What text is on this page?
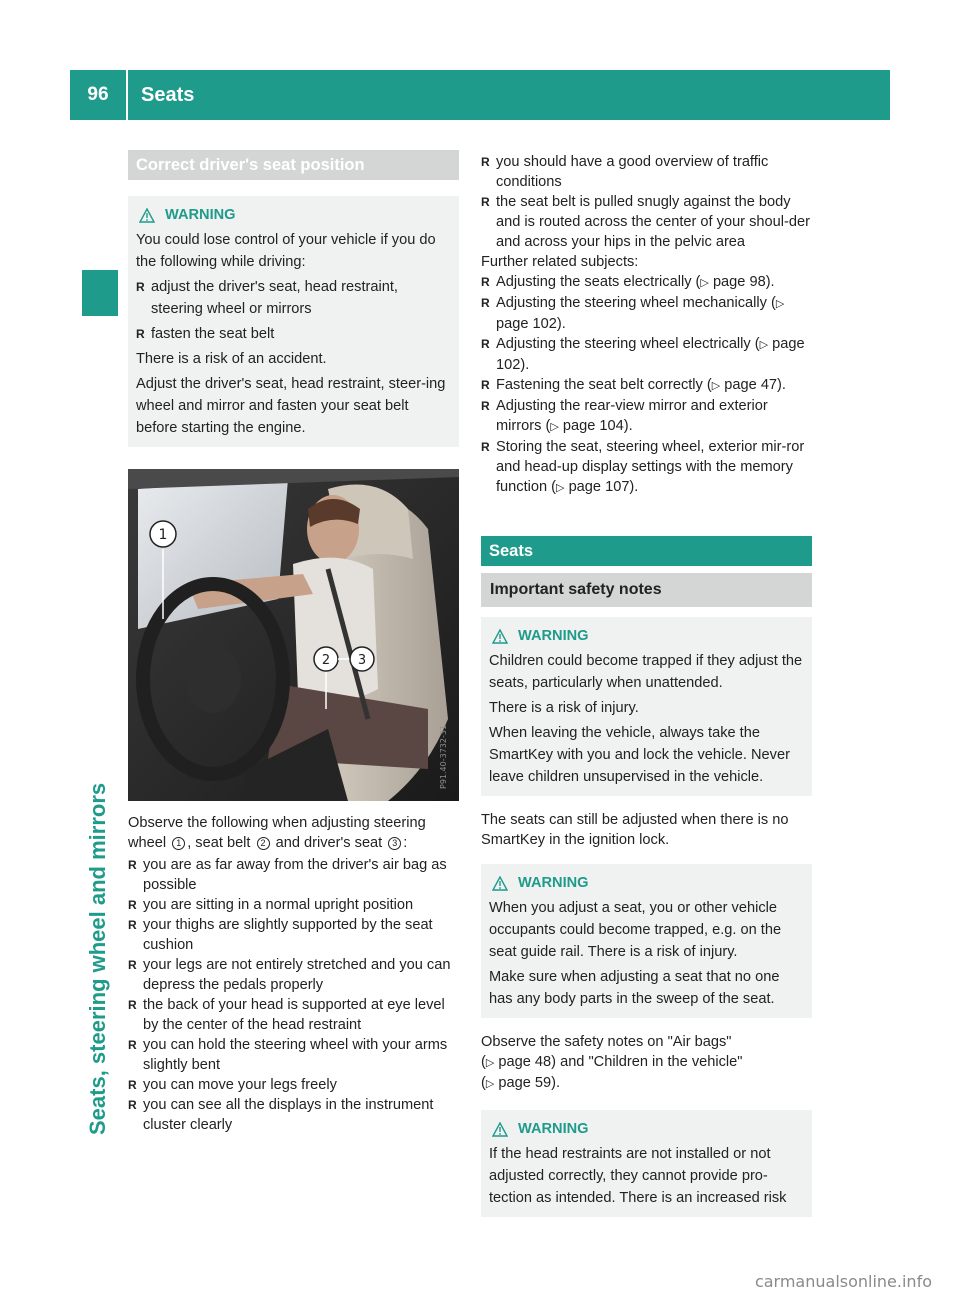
96	Seats
Seats, steering wheel and mirrors
Correct driver's seat position
WARNING

You could lose control of your vehicle if you do the following while driving:

R adjust the driver's seat, head restraint, steering wheel or mirrors
R fasten the seat belt

There is a risk of an accident.

Adjust the driver's seat, head restraint, steer-ing wheel and mirror and fasten your seat belt before starting the engine.

1
2 3
P91.40-3732-31

Observe the following when adjusting steering wheel 1 , seat belt 2 and driver's seat 3 :

R you are as far away from the driver's air bag as possible
R you are sitting in a normal upright position
R your thighs are slightly supported by the seat cushion
R your legs are not entirely stretched and you can depress the pedals properly
R the back of your head is supported at eye level by the center of the head restraint
R you can hold the steering wheel with your arms slightly bent
R you can move your legs freely
R you can see all the displays in the instrument cluster clearly
R you should have a good overview of traffic conditions
R the seat belt is pulled snugly against the body and is routed across the center of your shoul-der and across your hips in the pelvic area

Further related subjects:

R Adjusting the seats electrically (▷ page 98).
R Adjusting the steering wheel mechanically (▷ page 102).
R Adjusting the steering wheel electrically (▷ page 102).
R Fastening the seat belt correctly (▷ page 47).
R Adjusting the rear-view mirror and exterior mirrors (▷ page 104).
R Storing the seat, steering wheel, exterior mir-ror and head-up display settings with the memory function (▷ page 107).
Seats
Important safety notes
WARNING

Children could become trapped if they adjust the seats, particularly when unattended.

There is a risk of injury.

When leaving the vehicle, always take the SmartKey with you and lock the vehicle. Never leave children unsupervised in the vehicle.

The seats can still be adjusted when there is no SmartKey in the ignition lock.

WARNING

When you adjust a seat, you or other vehicle occupants could become trapped, e.g. on the seat guide rail. There is a risk of injury.

Make sure when adjusting a seat that no one has any body parts in the sweep of the seat.

Observe the safety notes on "Air bags"
(▷ page 48) and "Children in the vehicle"
(▷ page 59).

WARNING

If the head restraints are not installed or not adjusted correctly, they cannot provide pro-tection as intended. There is an increased risk

carmanualsonline.info
